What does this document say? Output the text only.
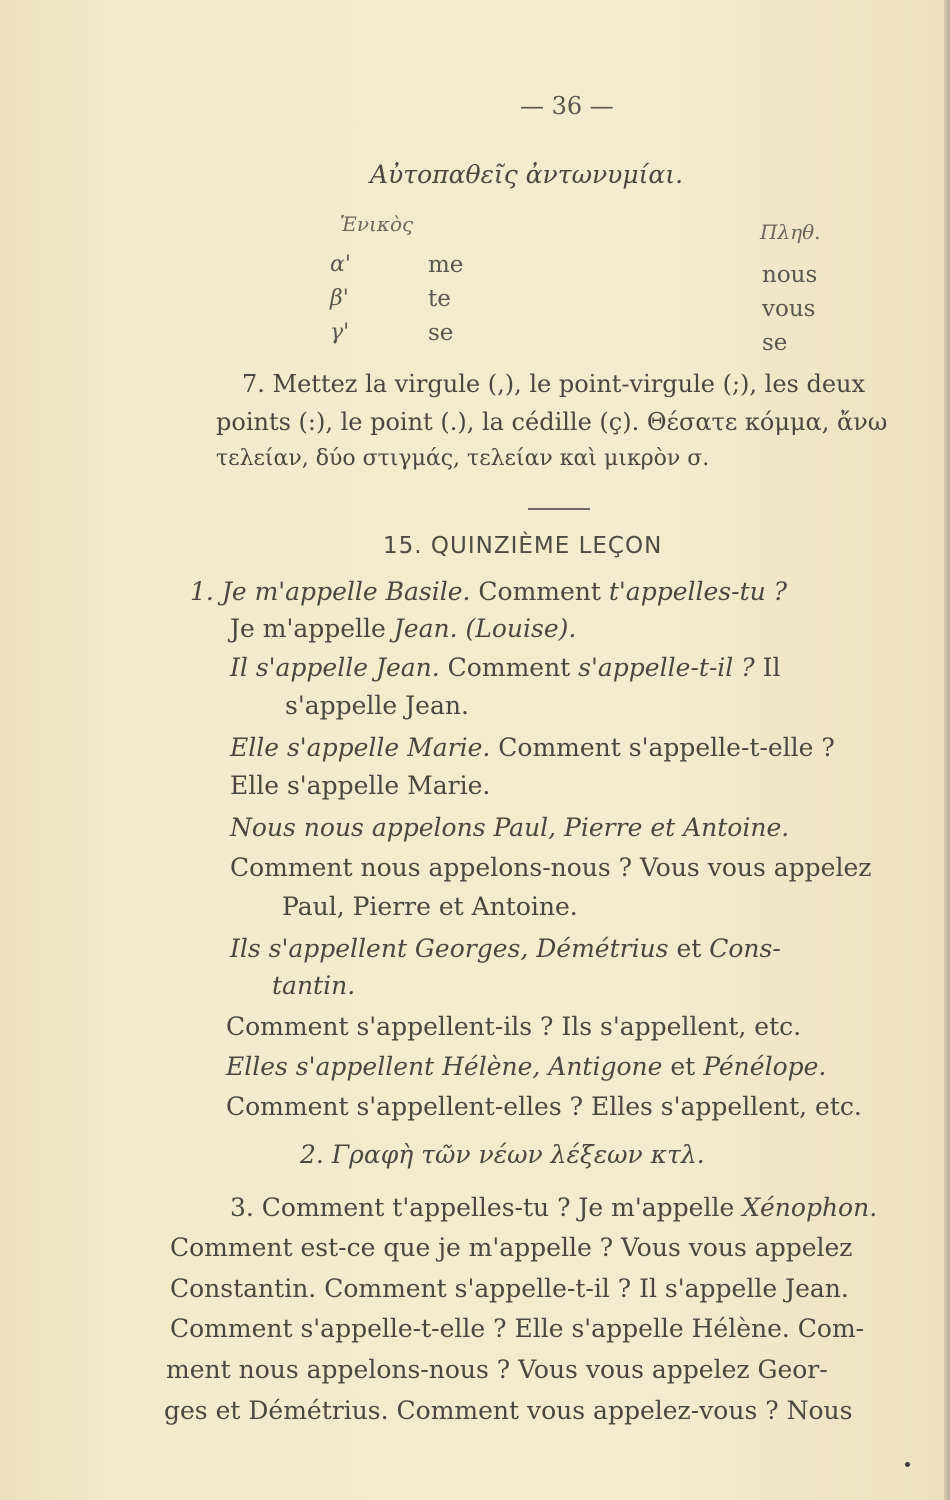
— 36 —
Αὐτοπαθεῖς ἀντωνυμίαι.
Ἑνικὸς	Πληθ.
α'	me	nous
β'	te	vous
γ'	se	se
7. Mettez la virgule (,), le point-virgule (;), les deux
points (:), le point (.), la cédille (ç). Θέσατε κόμμα, ἄνω
τελείαν, δύο στιγμάς, τελείαν καὶ μικρὸν σ.
15. QUINZIÈME LEÇON
1. Je m'appelle Basile. Comment t'appelles-tu ?
Je m'appelle Jean. (Louise).
Il s'appelle Jean. Comment s'appelle-t-il ? Il
s'appelle Jean.
Elle s'appelle Marie. Comment s'appelle-t-elle ?
Elle s'appelle Marie.
Nous nous appelons Paul, Pierre et Antoine.
Comment nous appelons-nous ? Vous vous appelez
Paul, Pierre et Antoine.
Ils s'appellent Georges, Démétrius et Cons-
tantin.
Comment s'appellent-ils ? Ils s'appellent, etc.
Elles s'appellent Hélène, Antigone et Pénélope.
Comment s'appellent-elles ? Elles s'appellent, etc.
2. Γραφὴ τῶν νέων λέξεων κτλ.
3. Comment t'appelles-tu ? Je m'appelle Xénophon.
Comment est-ce que je m'appelle ? Vous vous appelez
Constantin. Comment s'appelle-t-il ? Il s'appelle Jean.
Comment s'appelle-t-elle ? Elle s'appelle Hélène. Com-
ment nous appelons-nous ? Vous vous appelez Geor-
ges et Démétrius. Comment vous appelez-vous ? Nous
